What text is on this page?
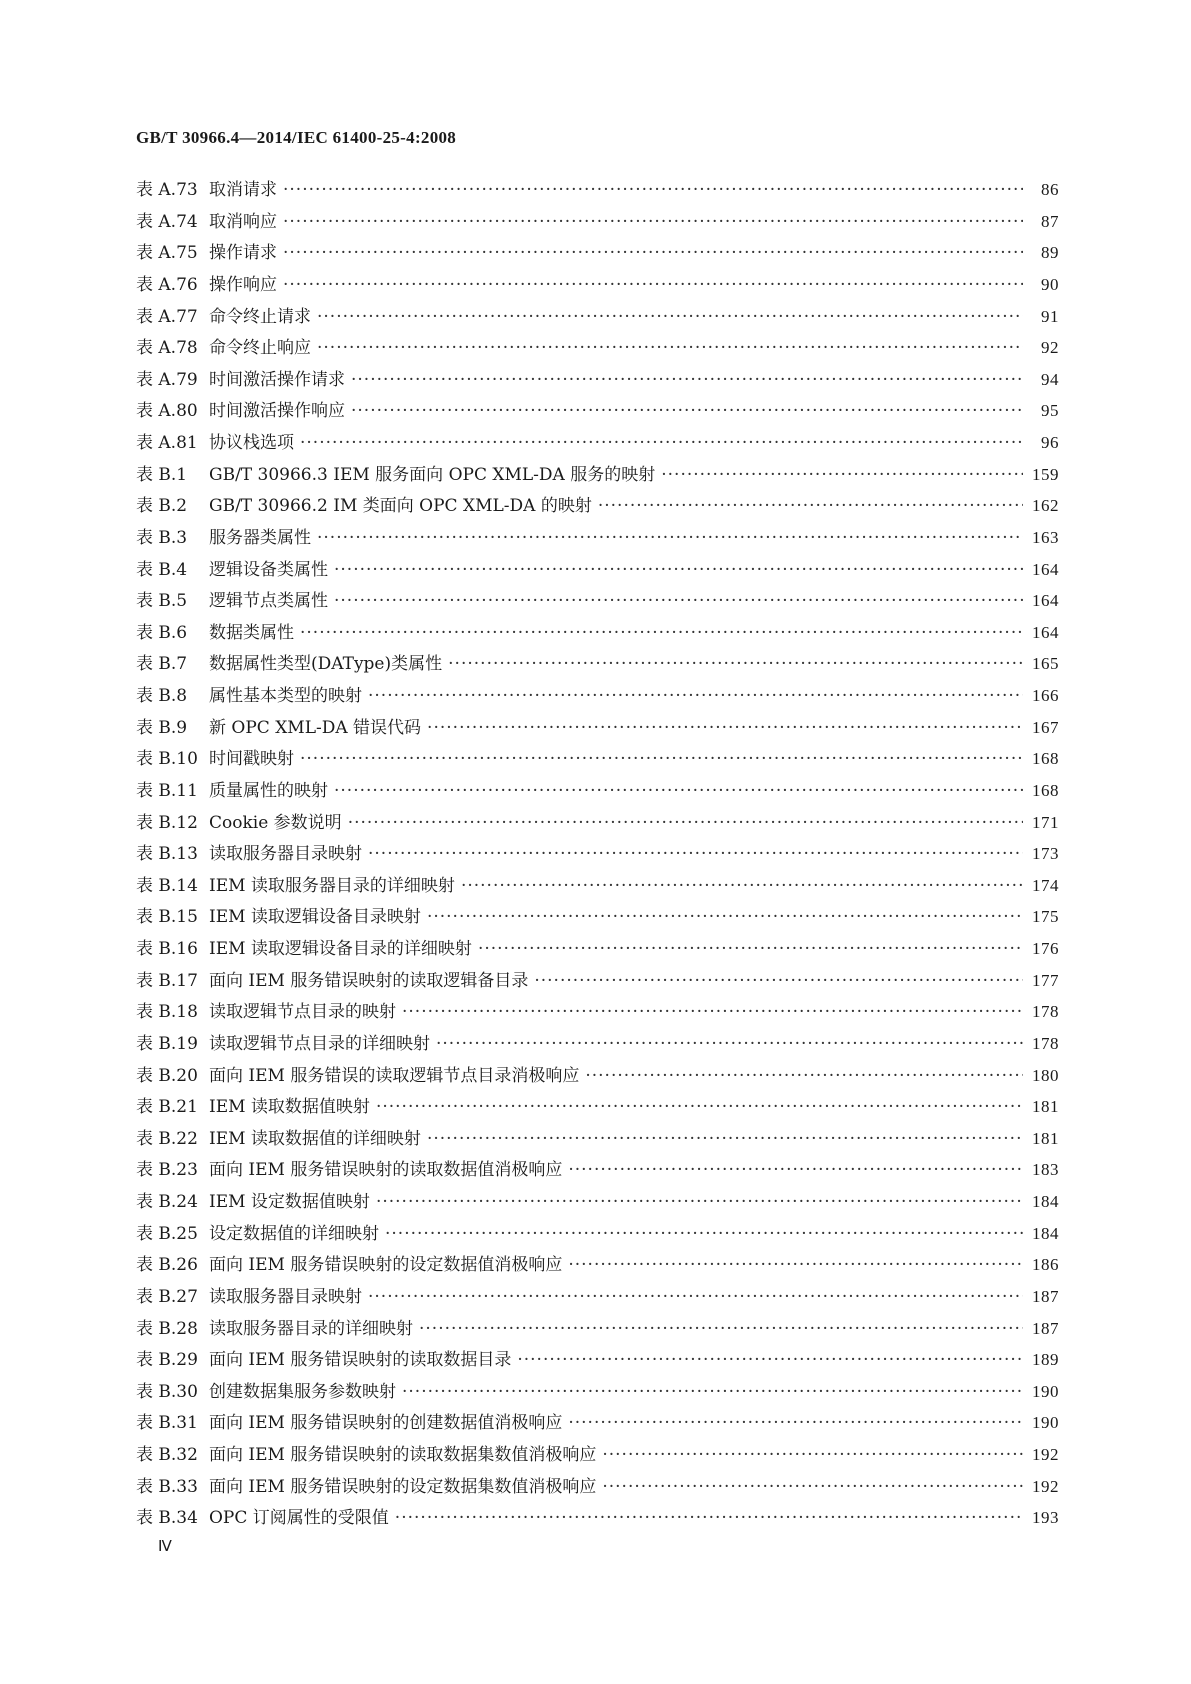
GB/T 30966.4—2014/IEC 61400-25-4:2008
表 A.73 取消请求 ·····	86
表 A.74 取消响应 ·····	87
表 A.75 操作请求 ·····	89
表 A.76 操作响应 ·····	90
表 A.77 命令终止请求 ·····	91
表 A.78 命令终止响应 ·····	92
表 A.79 时间激活操作请求 ·····	94
表 A.80 时间激活操作响应 ·····	95
表 A.81 协议栈选项 ·····	96
表 B.1	GB/T 30966.3 IEM 服务面向 OPC XML-DA 服务的映射 ·····	159
表 B.2	GB/T 30966.2 IM 类面向 OPC XML-DA 的映射 ·····	162
表 B.3	服务器类属性 ·····	163
表 B.4	逻辑设备类属性 ·····	164
表 B.5	逻辑节点类属性 ·····	164
表 B.6	数据类属性 ·····	164
表 B.7	数据属性类型(DAType)类属性 ·····	165
表 B.8	属性基本类型的映射 ·····	166
表 B.9	新 OPC XML-DA 错误代码 ·····	167
表 B.10 时间戳映射 ·····	168
表 B.11 质量属性的映射 ·····	168
表 B.12 Cookie 参数说明 ·····	171
表 B.13 读取服务器目录映射 ·····	173
表 B.14 IEM 读取服务器目录的详细映射 ·····	174
表 B.15 IEM 读取逻辑设备目录映射 ·····	175
表 B.16 IEM 读取逻辑设备目录的详细映射 ·····	176
表 B.17 面向 IEM 服务错误映射的读取逻辑备目录 ·····	177
表 B.18 读取逻辑节点目录的映射 ·····	178
表 B.19 读取逻辑节点目录的详细映射 ·····	178
表 B.20 面向 IEM 服务错误的读取逻辑节点目录消极响应 ·····	180
表 B.21 IEM 读取数据值映射 ·····	181
表 B.22 IEM 读取数据值的详细映射 ·····	181
表 B.23 面向 IEM 服务错误映射的读取数据值消极响应 ·····	183
表 B.24 IEM 设定数据值映射 ·····	184
表 B.25 设定数据值的详细映射 ·····	184
表 B.26 面向 IEM 服务错误映射的设定数据值消极响应 ·····	186
表 B.27 读取服务器目录映射 ·····	187
表 B.28 读取服务器目录的详细映射 ·····	187
表 B.29 面向 IEM 服务错误映射的读取数据目录 ·····	189
表 B.30 创建数据集服务参数映射 ·····	190
表 B.31 面向 IEM 服务错误映射的创建数据值消极响应 ·····	190
表 B.32 面向 IEM 服务错误映射的读取数据集数值消极响应 ·····	192
表 B.33 面向 IEM 服务错误映射的设定数据集数值消极响应 ·····	192
表 B.34 OPC 订阅属性的受限值 ·····	193
Ⅳ
